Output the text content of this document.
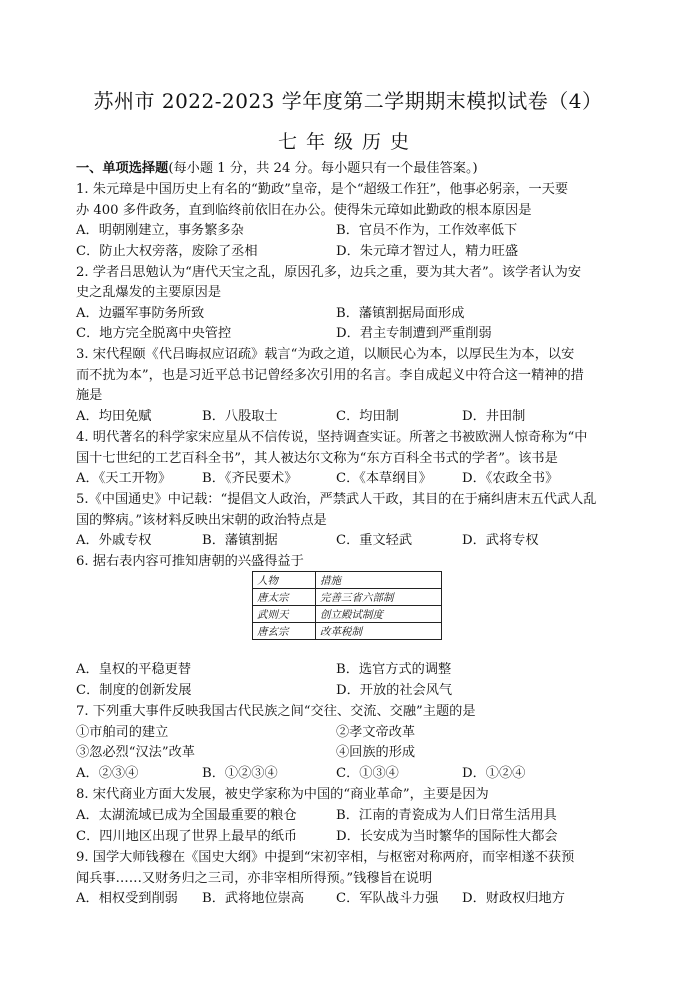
苏州市 2022-2023 学年度第二学期期末模拟试卷（4）
七年级历史
一、单项选择题(每小题 1 分，共 24 分。每小题只有一个最佳答案。)
1. 朱元璋是中国历史上有名的“勤政”皇帝，是个“超级工作狂”，他事必躬亲，一天要
办 400 多件政务，直到临终前依旧在办公。使得朱元璋如此勤政的根本原因是
A．明朝刚建立，事务繁多杂	B．官员不作为，工作效率低下
C．防止大权旁落，废除了丞相	D．朱元璋才智过人，精力旺盛
2. 学者吕思勉认为“唐代天宝之乱，原因孔多，边兵之重，要为其大者”。该学者认为安
史之乱爆发的主要原因是
A．边疆军事防务所致	B．藩镇割据局面形成
C．地方完全脱离中央管控	D．君主专制遭到严重削弱
3. 宋代程颐《代吕晦叔应诏疏》载言“为政之道，以顺民心为本，以厚民生为本，以安
而不扰为本”，也是习近平总书记曾经多次引用的名言。李自成起义中符合这一精神的措
施是
A．均田免赋	B．八股取士	C．均田制	D．井田制
4. 明代著名的科学家宋应星从不信传说，坚持调查实证。所著之书被欧洲人惊奇称为“中
国十七世纪的工艺百科全书”，其人被达尔文称为“东方百科全书式的学者”。该书是
A．《天工开物》 B．《齐民要术》	C．《本草纲目》 D．《农政全书》
5.《中国通史》中记载：“提倡文人政治，严禁武人干政，其目的在于痛纠唐末五代武人乱
国的弊病。”该材料反映出宋朝的政治特点是
A．外戚专权	B．藩镇割据	C．重文轻武	D．武将专权
6. 据右表内容可推知唐朝的兴盛得益于
人物	措施
唐太宗	完善三省六部制
武则天	创立殿试制度
唐玄宗	改革税制
A．皇权的平稳更替	B．选官方式的调整
C．制度的创新发展	D．开放的社会风气
7. 下列重大事件反映我国古代民族之间“交往、交流、交融”主题的是
①市舶司的建立	②孝文帝改革
③忽必烈“汉法”改革	④回族的形成
A．②③④	B．①②③④	C．①③④	D．①②④
8. 宋代商业方面大发展，被史学家称为中国的“商业革命”，主要是因为
A．太湖流域已成为全国最重要的粮仓	B．江南的青瓷成为人们日常生活用具
C．四川地区出现了世界上最早的纸币	D．长安成为当时繁华的国际性大都会
9. 国学大师钱穆在《国史大纲》中提到“宋初宰相，与枢密对称两府，而宰相遂不获预
闻兵事……又财务归之三司，亦非宰相所得预。”钱穆旨在说明
A．相权受到削弱 B．武将地位崇高 C．军队战斗力强 D．财政权归地方
